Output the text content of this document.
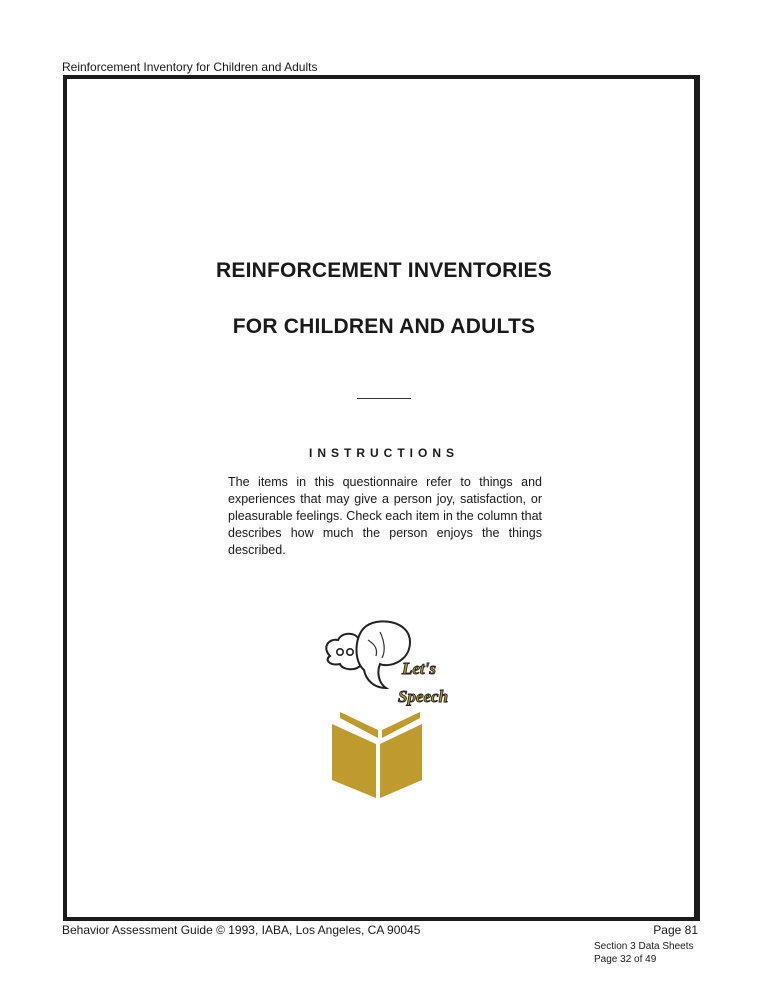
Reinforcement Inventory for Children and Adults
REINFORCEMENT INVENTORIES
FOR CHILDREN AND ADULTS
INSTRUCTIONS
The items in this questionnaire refer to things and experiences that may give a person joy, satisfaction, or pleasurable feelings. Check each item in the column that describes how much the person enjoys the things described.
Let's
Speech
Behavior Assessment Guide © 1993, IABA, Los Angeles, CA 90045	Page 81
Section 3 Data Sheets
Page 32 of 49
